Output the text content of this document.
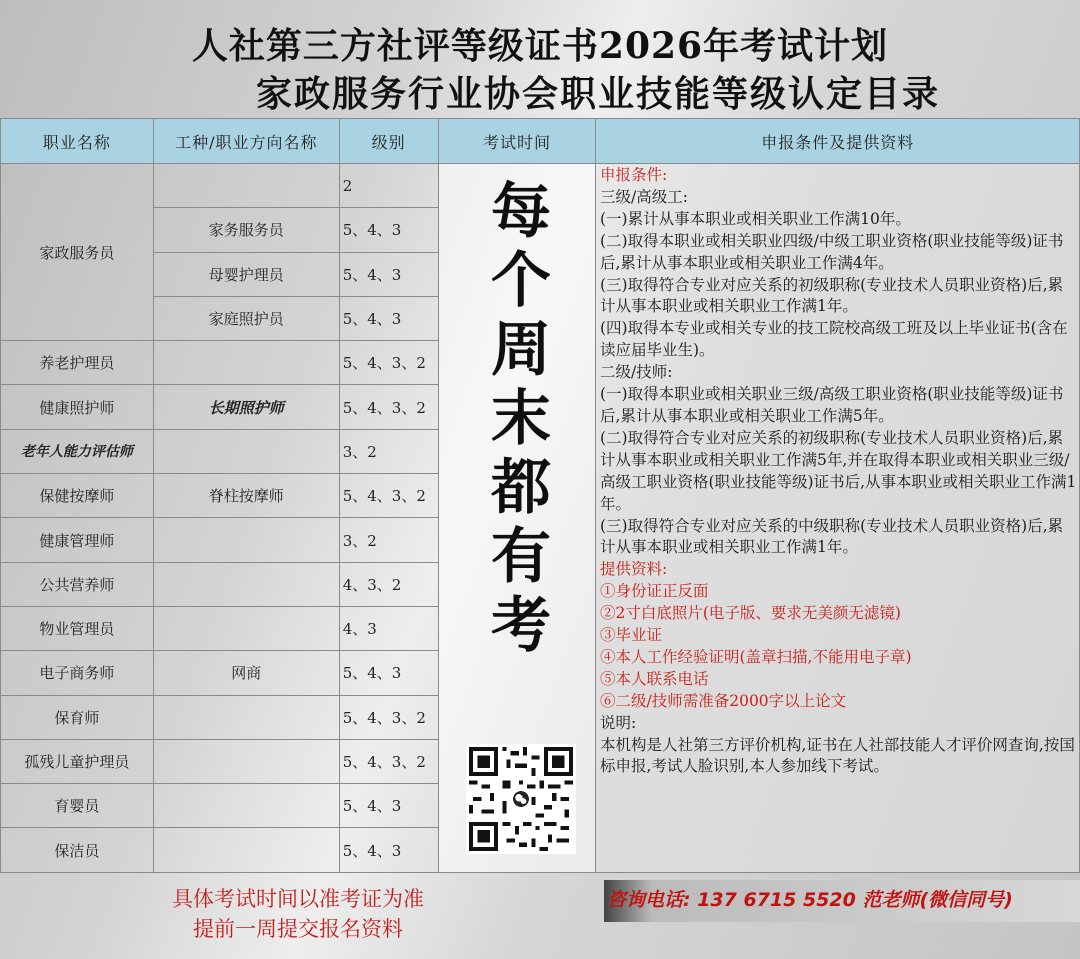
人社第三方社评等级证书2026年考试计划
家政服务行业协会职业技能等级认定目录
职业名称	工种/职业方向名称	级别	考试时间	申报条件及提供资料
家政服务员		2		
	家务服务员	5、4、3		
	母婴护理员	5、4、3		
	家庭照护员	5、4、3		
养老护理员		5、4、3、2		
健康照护师	长期照护师	5、4、3、2		
老年人能力评估师		3、2		
保健按摩师	脊柱按摩师	5、4、3、2		
健康管理师		3、2		
公共营养师		4、3、2		
物业管理员		4、3		
电子商务师	网商	5、4、3		
保育师		5、4、3、2		
孤残儿童护理员		5、4、3、2		
育婴员		5、4、3		
保洁员		5、4、3		
每
个
周
末
都
有
考

申报条件:

三级/高级工:

(一)累计从事本职业或相关职业工作满10年。

(二)取得本职业或相关职业四级/中级工职业资格(职业技能等级)证书后,累计从事本职业或相关职业工作满4年。

(三)取得符合专业对应关系的初级职称(专业技术人员职业资格)后,累计从事本职业或相关职业工作满1年。

(四)取得本专业或相关专业的技工院校高级工班及以上毕业证书(含在读应届毕业生)。

二级/技师:

(一)取得本职业或相关职业三级/高级工职业资格(职业技能等级)证书后,累计从事本职业或相关职业工作满5年。

(二)取得符合专业对应关系的初级职称(专业技术人员职业资格)后,累计从事本职业或相关职业工作满5年,并在取得本职业或相关职业三级/高级工职业资格(职业技能等级)证书后,从事本职业或相关职业工作满1年。

(三)取得符合专业对应关系的中级职称(专业技术人员职业资格)后,累计从事本职业或相关职业工作满1年。

提供资料:

①身份证正反面

②2寸白底照片(电子版、要求无美颜无滤镜)

③毕业证

④本人工作经验证明(盖章扫描,不能用电子章)

⑤本人联系电话

⑥二级/技师需准备2000字以上论文

说明:

本机构是人社第三方评价机构,证书在人社部技能人才评价网查询,按国标申报,考试人脸识别,本人参加线下考试。

具体考试时间以准考证为准
提前一周提交报名资料
咨询电话: 137 6715 5520 范老师(微信同号)
